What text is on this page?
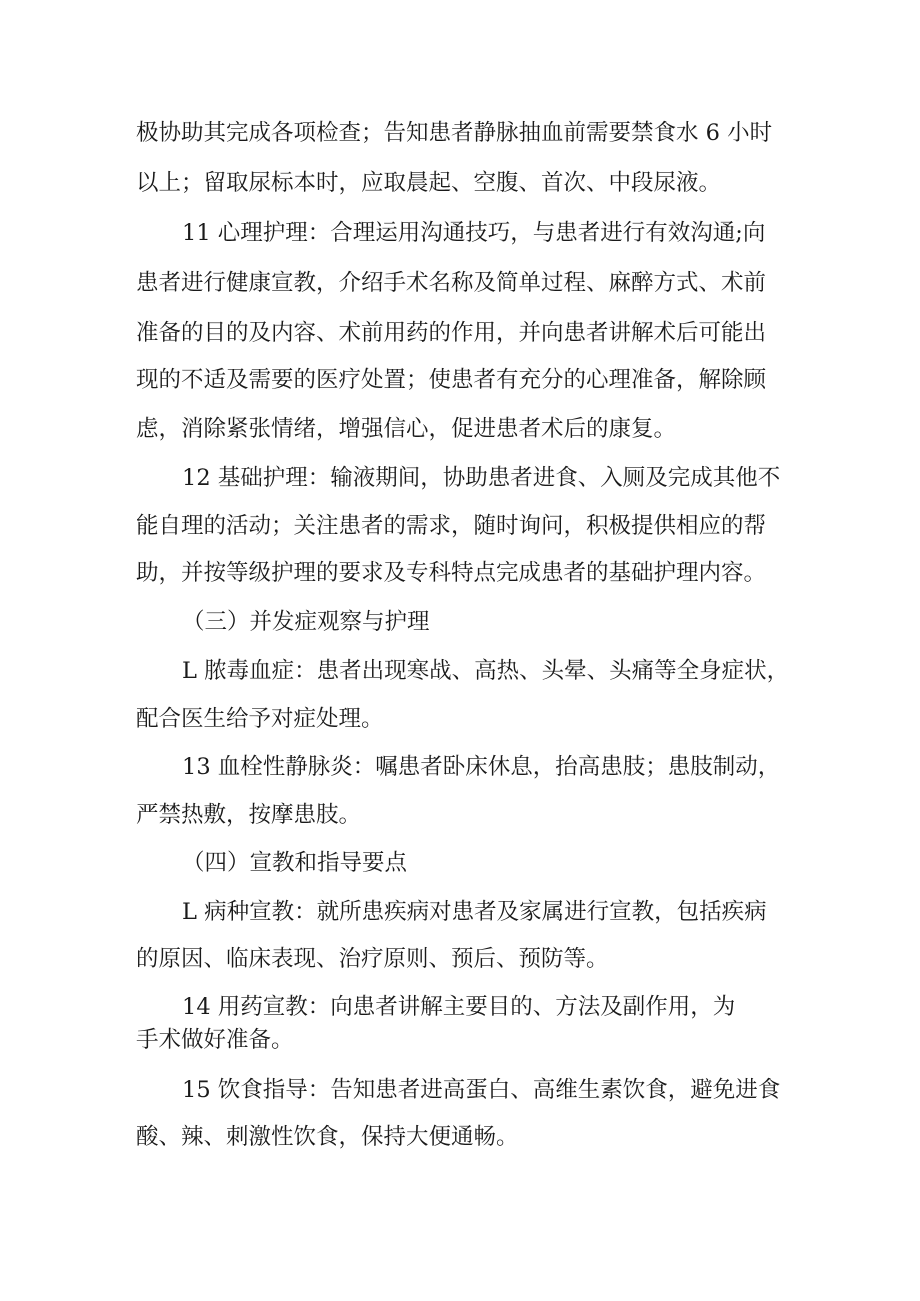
极协助其完成各项检查；告知患者静脉抽血前需要禁食水 6 小时
以上；留取尿标本时，应取晨起、空腹、首次、中段尿液。
11 心理护理：合理运用沟通技巧，与患者进行有效沟通;向
患者进行健康宣教，介绍手术名称及简单过程、麻醉方式、术前
准备的目的及内容、术前用药的作用，并向患者讲解术后可能出
现的不适及需要的医疗处置；使患者有充分的心理准备，解除顾
虑，消除紧张情绪，增强信心，促进患者术后的康复。
12 基础护理：输液期间，协助患者进食、入厕及完成其他不
能自理的活动；关注患者的需求，随时询问，积极提供相应的帮
助，并按等级护理的要求及专科特点完成患者的基础护理内容。
（三）并发症观察与护理
L 脓毒血症：患者出现寒战、高热、头晕、头痛等全身症状，
配合医生给予对症处理。
13 血栓性静脉炎：嘱患者卧床休息，抬高患肢；患肢制动，
严禁热敷，按摩患肢。
（四）宣教和指导要点
L 病种宣教：就所患疾病对患者及家属进行宣教，包括疾病
的原因、临床表现、治疗原则、预后、预防等。
14 用药宣教：向患者讲解主要目的、方法及副作用，为
手术做好准备。
15 饮食指导：告知患者进高蛋白、高维生素饮食，避免进食
酸、辣、刺激性饮食，保持大便通畅。
